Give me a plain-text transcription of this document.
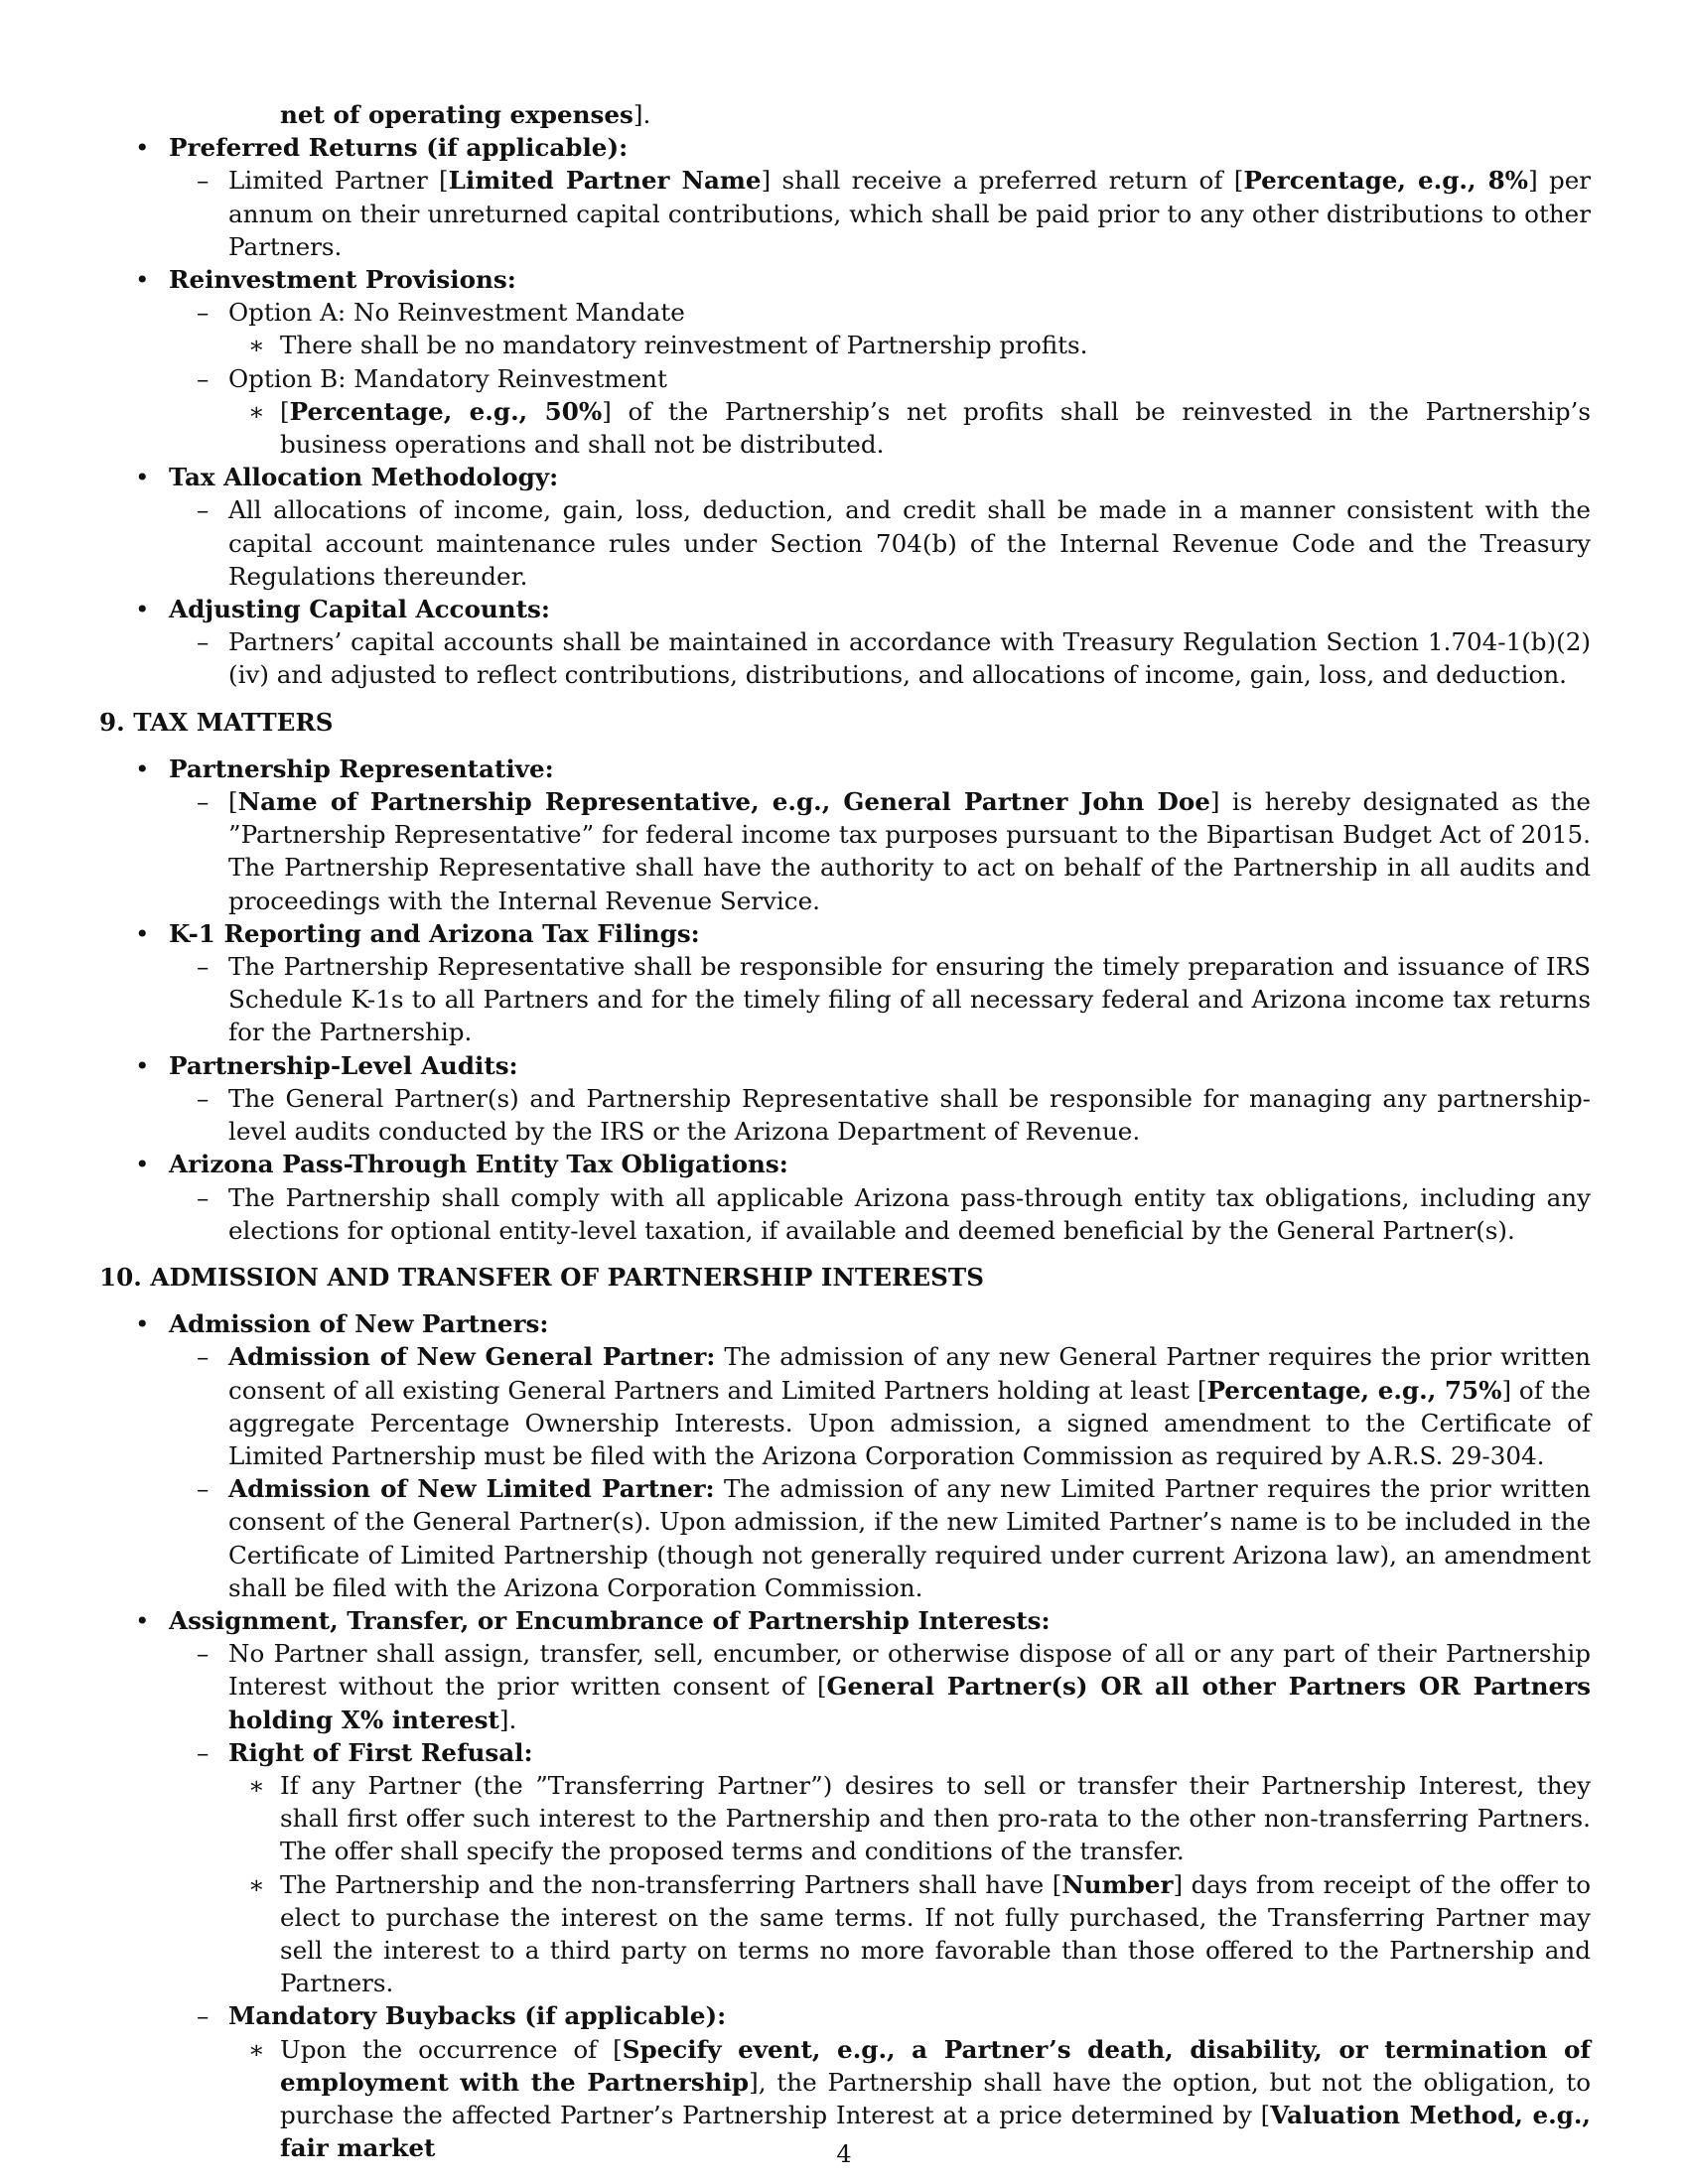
net of operating expenses].

• Preferred Returns (if applicable):

– Limited Partner [Limited Partner Name] shall receive a preferred return of [Percentage, e.g., 8%] per annum on their unreturned capital contributions, which shall be paid prior to any other distributions to other Partners.

• Reinvestment Provisions:

– Option A: No Reinvestment Mandate

∗ There shall be no mandatory reinvestment of Partnership profits.

– Option B: Mandatory Reinvestment

∗ [Percentage, e.g., 50%] of the Partnership’s net profits shall be reinvested in the Partnership’s business operations and shall not be distributed.

• Tax Allocation Methodology:

– All allocations of income, gain, loss, deduction, and credit shall be made in a manner consistent with the capital account maintenance rules under Section 704(b) of the Internal Revenue Code and the Treasury Regulations thereunder.

• Adjusting Capital Accounts:

– Partners’ capital accounts shall be maintained in accordance with Treasury Regulation Section 1.704-1(b)(2)(iv) and adjusted to reflect contributions, distributions, and allocations of income, gain, loss, and deduction.

9. TAX MATTERS

• Partnership Representative:

– [Name of Partnership Representative, e.g., General Partner John Doe] is hereby designated as the ”Partnership Representative” for federal income tax purposes pursuant to the Bipartisan Budget Act of 2015. The Partnership Representative shall have the authority to act on behalf of the Partnership in all audits and proceedings with the Internal Revenue Service.

• K-1 Reporting and Arizona Tax Filings:

– The Partnership Representative shall be responsible for ensuring the timely preparation and issuance of IRS Schedule K-1s to all Partners and for the timely filing of all necessary federal and Arizona income tax returns for the Partnership.

• Partnership-Level Audits:

– The General Partner(s) and Partnership Representative shall be responsible for managing any partnership-level audits conducted by the IRS or the Arizona Department of Revenue.

• Arizona Pass-Through Entity Tax Obligations:

– The Partnership shall comply with all applicable Arizona pass-through entity tax obligations, including any elections for optional entity-level taxation, if available and deemed beneficial by the General Partner(s).

10. ADMISSION AND TRANSFER OF PARTNERSHIP INTERESTS

• Admission of New Partners:

– Admission of New General Partner: The admission of any new General Partner requires the prior written consent of all existing General Partners and Limited Partners holding at least [Percentage, e.g., 75%] of the aggregate Percentage Ownership Interests. Upon admission, a signed amendment to the Certificate of Limited Partnership must be filed with the Arizona Corporation Commission as required by A.R.S. 29-304.

– Admission of New Limited Partner: The admission of any new Limited Partner requires the prior written consent of the General Partner(s). Upon admission, if the new Limited Partner’s name is to be included in the Certificate of Limited Partnership (though not generally required under current Arizona law), an amendment shall be filed with the Arizona Corporation Commission.

• Assignment, Transfer, or Encumbrance of Partnership Interests:

– No Partner shall assign, transfer, sell, encumber, or otherwise dispose of all or any part of their Partnership Interest without the prior written consent of [General Partner(s) OR all other Partners OR Partners holding X% interest].

– Right of First Refusal:

∗ If any Partner (the ”Transferring Partner”) desires to sell or transfer their Partnership Interest, they shall first offer such interest to the Partnership and then pro-rata to the other non-transferring Partners. The offer shall specify the proposed terms and conditions of the transfer.

∗ The Partnership and the non-transferring Partners shall have [Number] days from receipt of the offer to elect to purchase the interest on the same terms. If not fully purchased, the Transferring Partner may sell the interest to a third party on terms no more favorable than those offered to the Partnership and Partners.

– Mandatory Buybacks (if applicable):

∗ Upon the occurrence of [Specify event, e.g., a Partner’s death, disability, or termination of employment with the Partnership], the Partnership shall have the option, but not the obligation, to purchase the affected Partner’s Partnership Interest at a price determined by [Valuation Method, e.g., fair market	4
